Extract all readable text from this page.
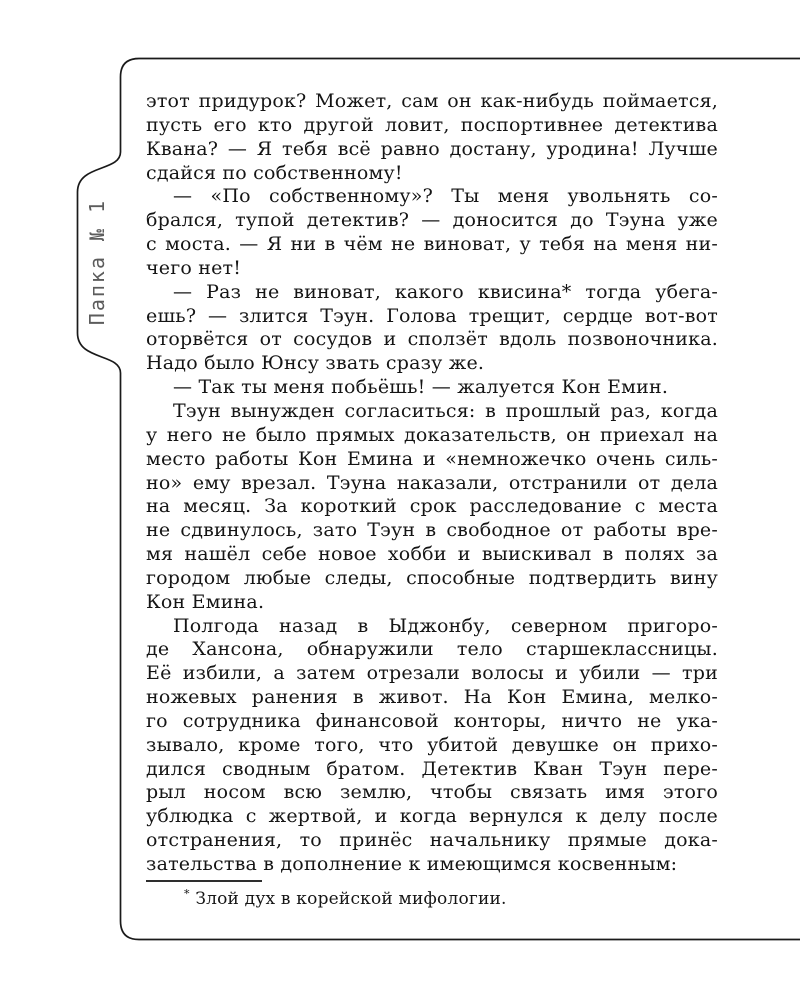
Папка № 1
этот придурок? Может, сам он как-нибудь поймается,
пусть его кто другой ловит, поспортивнее детектива
Квана? — Я тебя всё равно достану, уродина! Лучше
сдайся по собственному!
— «По собственному»? Ты меня увольнять со-
брался, тупой детектив? — доносится до Тэуна уже
с моста. — Я ни в чём не виноват, у тебя на меня ни-
чего нет!
— Раз не виноват, какого квисина* тогда убега-
ешь? — злится Тэун. Голова трещит, сердце вот-вот
оторвётся от сосудов и сползёт вдоль позвоночника.
Надо было Юнсу звать сразу же.
— Так ты меня побьёшь! — жалуется Кон Емин.
Тэун вынужден согласиться: в прошлый раз, когда
у него не было прямых доказательств, он приехал на
место работы Кон Емина и «немножечко очень силь-
но» ему врезал. Тэуна наказали, отстранили от дела
на месяц. За короткий срок расследование с места
не сдвинулось, зато Тэун в свободное от работы вре-
мя нашёл себе новое хобби и выискивал в полях за
городом любые следы, способные подтвердить вину
Кон Емина.
Полгода назад в Ыджонбу, северном пригоро-
де Хансона, обнаружили тело старшеклассницы.
Её избили, а затем отрезали волосы и убили — три
ножевых ранения в живот. На Кон Емина, мелко-
го сотрудника финансовой конторы, ничто не ука-
зывало, кроме того, что убитой девушке он прихо-
дился сводным братом. Детектив Кван Тэун пере-
рыл носом всю землю, чтобы связать имя этого
ублюдка с жертвой, и когда вернулся к делу после
отстранения, то принёс начальнику прямые дока-
зательства в дополнение к имеющимся косвенным:
* Злой дух в корейской мифологии.
